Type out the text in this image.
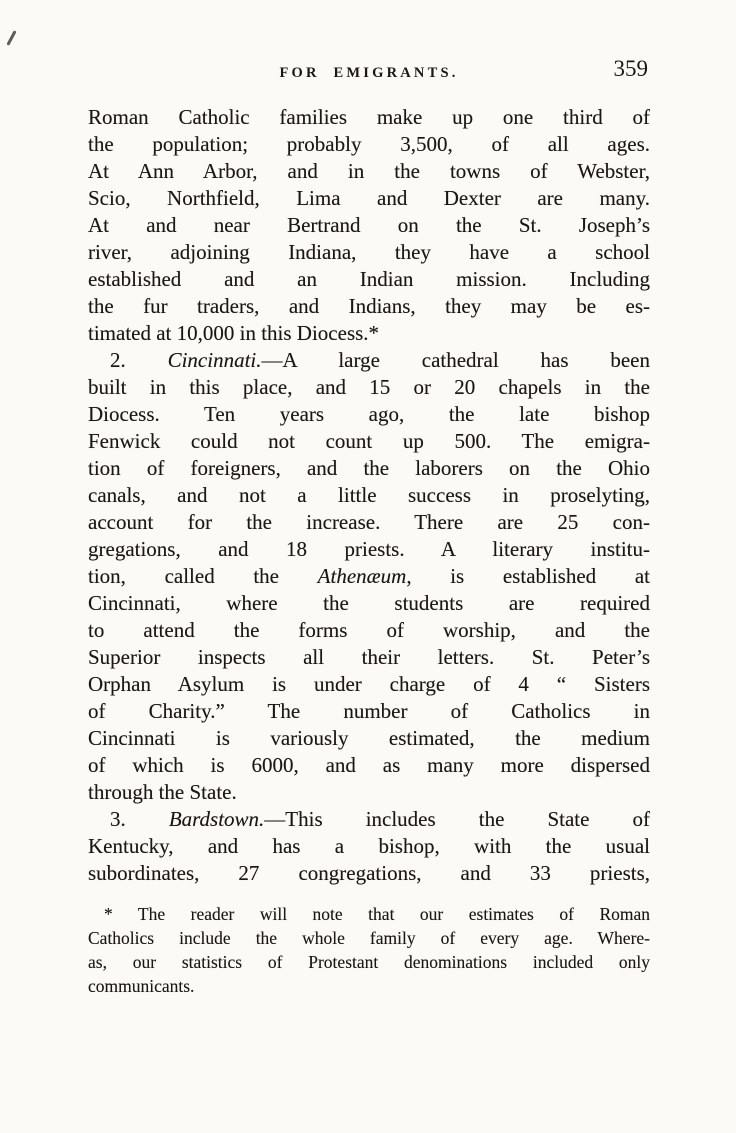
FOR EMIGRANTS.	359
Roman Catholic families make up one third of
the population; probably 3,500, of all ages.
At Ann Arbor, and in the towns of Webster,
Scio, Northfield, Lima and Dexter are many.
At and near Bertrand on the St. Joseph’s
river, adjoining Indiana, they have a school
established and an Indian mission. Including
the fur traders, and Indians, they may be es-
timated at 10,000 in this Diocess.*
2. Cincinnati.—A large cathedral has been
built in this place, and 15 or 20 chapels in the
Diocess. Ten years ago, the late bishop
Fenwick could not count up 500. The emigra-
tion of foreigners, and the laborers on the Ohio
canals, and not a little success in proselyting,
account for the increase. There are 25 con-
gregations, and 18 priests. A literary institu-
tion, called the Athenæum, is established at
Cincinnati, where the students are required
to attend the forms of worship, and the
Superior inspects all their letters. St. Peter’s
Orphan Asylum is under charge of 4 “ Sisters
of Charity.” The number of Catholics in
Cincinnati is variously estimated, the medium
of which is 6000, and as many more dispersed
through the State.
3. Bardstown.—This includes the State of
Kentucky, and has a bishop, with the usual
subordinates, 27 congregations, and 33 priests,
* The reader will note that our estimates of Roman
Catholics include the whole family of every age. Where-
as, our statistics of Protestant denominations included only
communicants.
